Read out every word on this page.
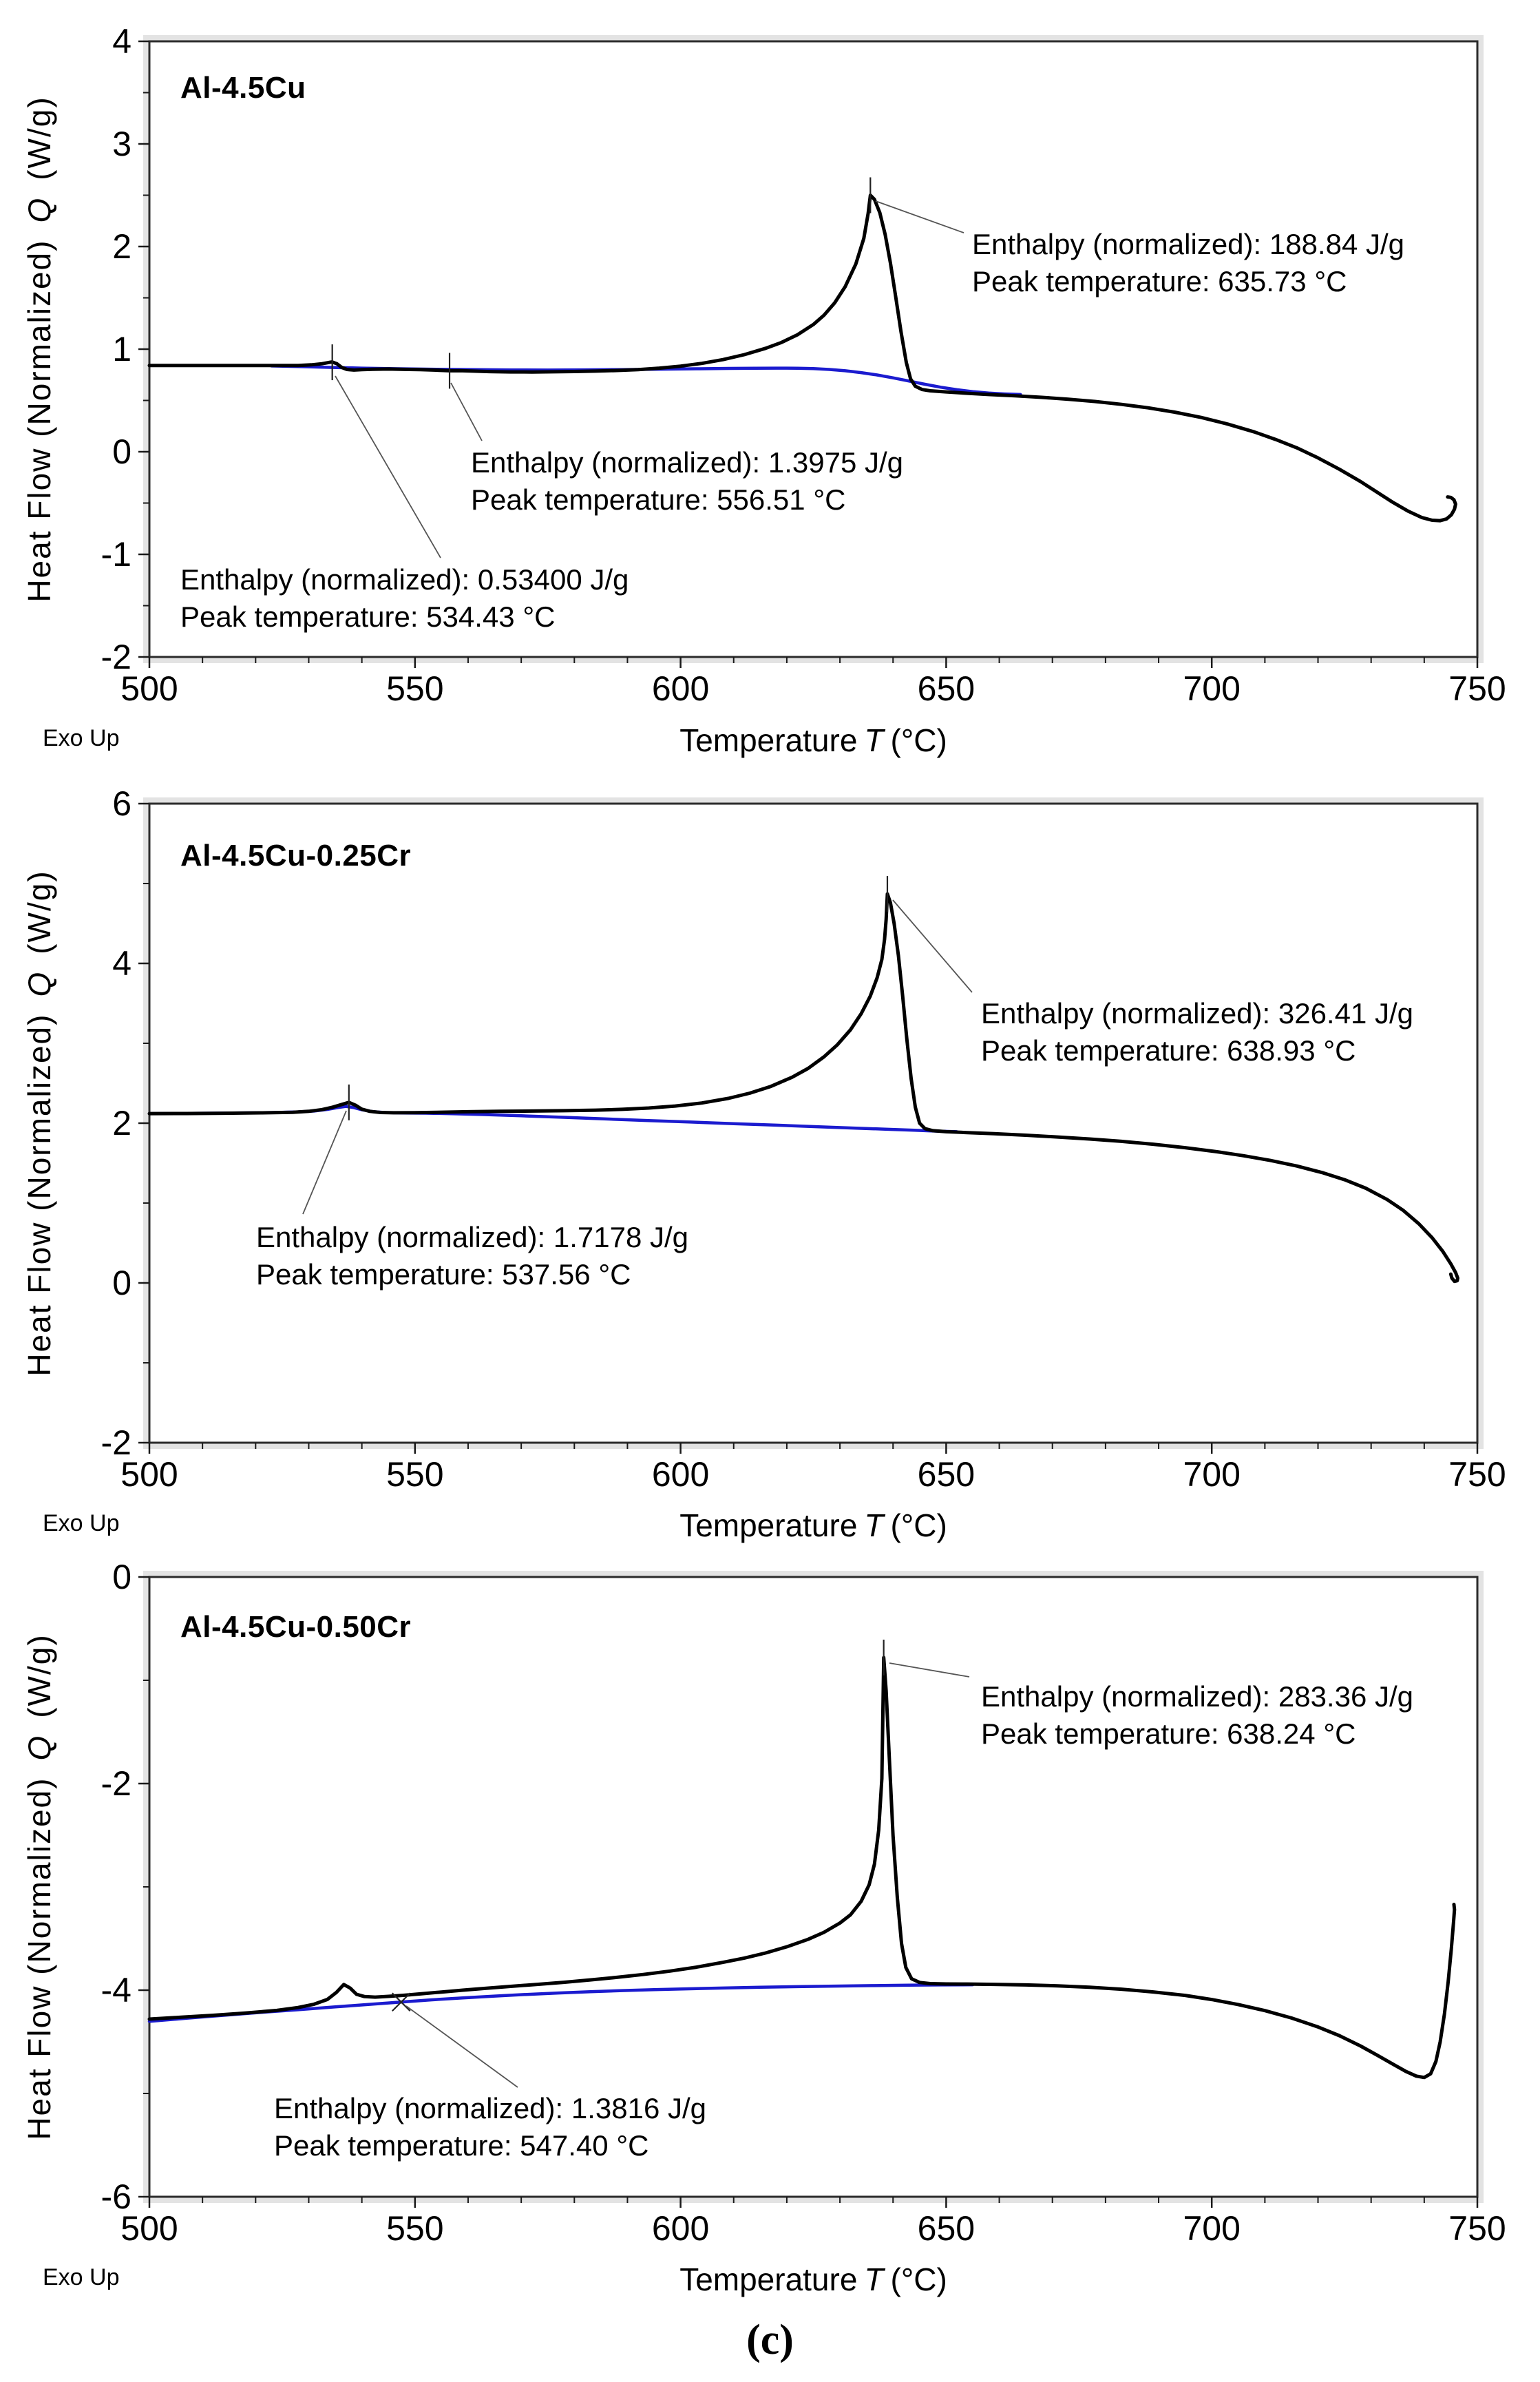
500	550	600	650	700	750
4
3
2
1
0
-1
-2
Heat Flow (Normalized)Q(W/g)
Al-4.5Cu
Enthalpy (normalized): 188.84 J/g
Peak temperature: 635.73 °C
Enthalpy (normalized): 1.3975 J/g
Peak temperature: 556.51 °C
Enthalpy (normalized): 0.53400 J/g
Peak temperature: 534.43 °C
Temperature T (°C)
Exo Up
500	550	600	650	700	750
6
4
2
0
-2
Heat Flow (Normalized)Q(W/g)
Al-4.5Cu-0.25Cr
Enthalpy (normalized): 326.41 J/g
Peak temperature: 638.93 °C
Enthalpy (normalized): 1.7178 J/g
Peak temperature: 537.56 °C
Temperature T (°C)
Exo Up
500	550	600	650	700	750
0
-2
-4
-6
Heat Flow (Normalized)Q(W/g)
Al-4.5Cu-0.50Cr
Enthalpy (normalized): 283.36 J/g
Peak temperature: 638.24 °C
Enthalpy (normalized): 1.3816 J/g
Peak temperature: 547.40 °C
Temperature T (°C)
Exo Up
(c)
